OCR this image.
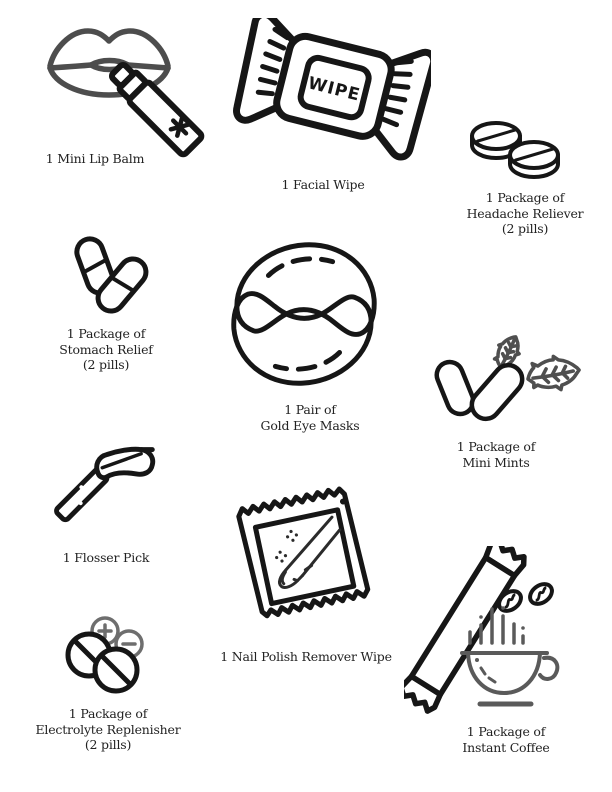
1 Mini Lip Balm
WIPE
1 Facial Wipe
1 Package of
Headache Reliever
(2 pills)
1 Package of
Stomach Relief
(2 pills)
1 Pair of
Gold Eye Masks
1 Package of
Mini Mints
1 Flosser Pick
1 Nail Polish Remover Wipe
1 Package of
Electrolyte Replenisher
(2 pills)
1 Package of
Instant Coffee
